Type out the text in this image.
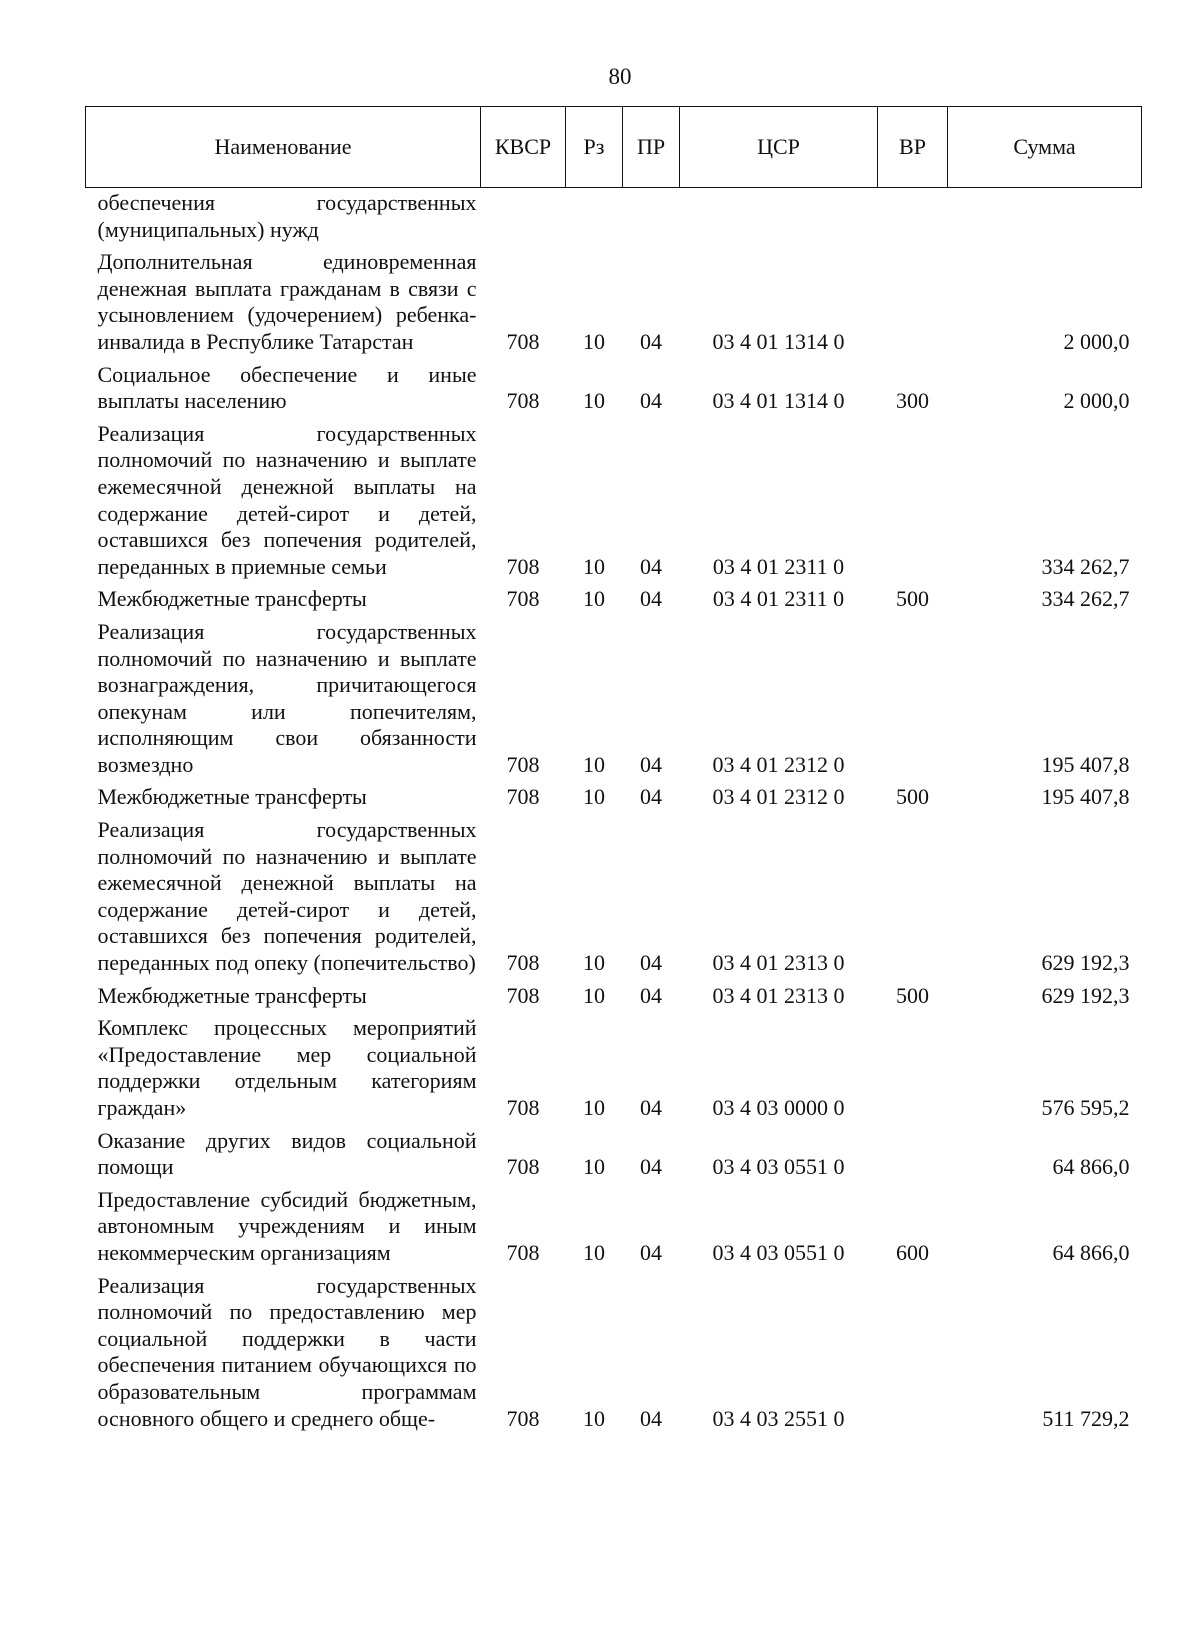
80
Наименование	КВСР	Рз	ПР	ЦСР	ВР	Сумма
обеспечения государственных (муниципальных) нужд						
Дополнительная единовременная денежная выплата гражданам в связи с усыновлением (удочерением) ребенка-инвалида в Республике Татарстан	708	10	04	03 4 01 1314 0		2 000,0
Социальное обеспечение и иные выплаты населению	708	10	04	03 4 01 1314 0	300	2 000,0
Реализация государственных полномочий по назначению и выплате ежемесячной денежной выплаты на содержание детей-сирот и детей, оставшихся без попечения родителей, переданных в приемные семьи	708	10	04	03 4 01 2311 0		334 262,7
Межбюджетные трансферты	708	10	04	03 4 01 2311 0	500	334 262,7
Реализация государственных полномочий по назначению и выплате вознаграждения, причитающегося опекунам или попечителям, исполняющим свои обязанности возмездно	708	10	04	03 4 01 2312 0		195 407,8
Межбюджетные трансферты	708	10	04	03 4 01 2312 0	500	195 407,8
Реализация государственных полномочий по назначению и выплате ежемесячной денежной выплаты на содержание детей-сирот и детей, оставшихся без попечения родителей, переданных под опеку (попечительство)	708	10	04	03 4 01 2313 0		629 192,3
Межбюджетные трансферты	708	10	04	03 4 01 2313 0	500	629 192,3
Комплекс процессных мероприятий «Предоставление мер социальной поддержки отдельным категориям граждан»	708	10	04	03 4 03 0000 0		576 595,2
Оказание других видов социальной помощи	708	10	04	03 4 03 0551 0		64 866,0
Предоставление субсидий бюджетным, автономным учреждениям и иным некоммерческим организациям	708	10	04	03 4 03 0551 0	600	64 866,0
Реализация государственных полномочий по предоставлению мер социальной поддержки в части обеспечения питанием обучающихся по образовательным программам основного общего и среднего обще-	708	10	04	03 4 03 2551 0		511 729,2
